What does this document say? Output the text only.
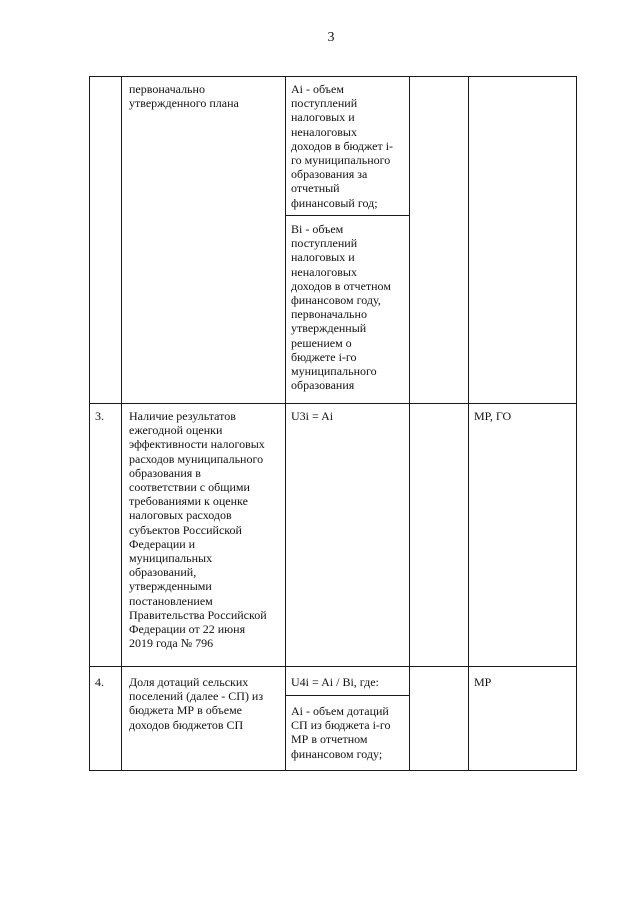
3
первоначально
утвержденного плана
Ai - объем
поступлений
налоговых и
неналоговых
доходов в бюджет i-
го муниципального
образования за
отчетный
финансовый год;
Bi - объем
поступлений
налоговых и
неналоговых
доходов в отчетном
финансовом году,
первоначально
утвержденный
решением о
бюджете i-го
муниципального
образования
3. Наличие результатов
ежегодной оценки
эффективности налоговых
расходов муниципального
образования в
соответствии с общими
требованиями к оценке
налоговых расходов
субъектов Российской
Федерации и
муниципальных
образований,
утвержденными
постановлением
Правительства Российской
Федерации от 22 июня
2019 года № 796
U3i = Ai	МР, ГО
4. Доля дотаций сельских
поселений (далее - СП) из
бюджета МР в объеме
доходов бюджетов СП
U4i = Ai / Bi, где:
Ai - объем дотаций
СП из бюджета i-го
МР в отчетном
финансовом году;
МР
